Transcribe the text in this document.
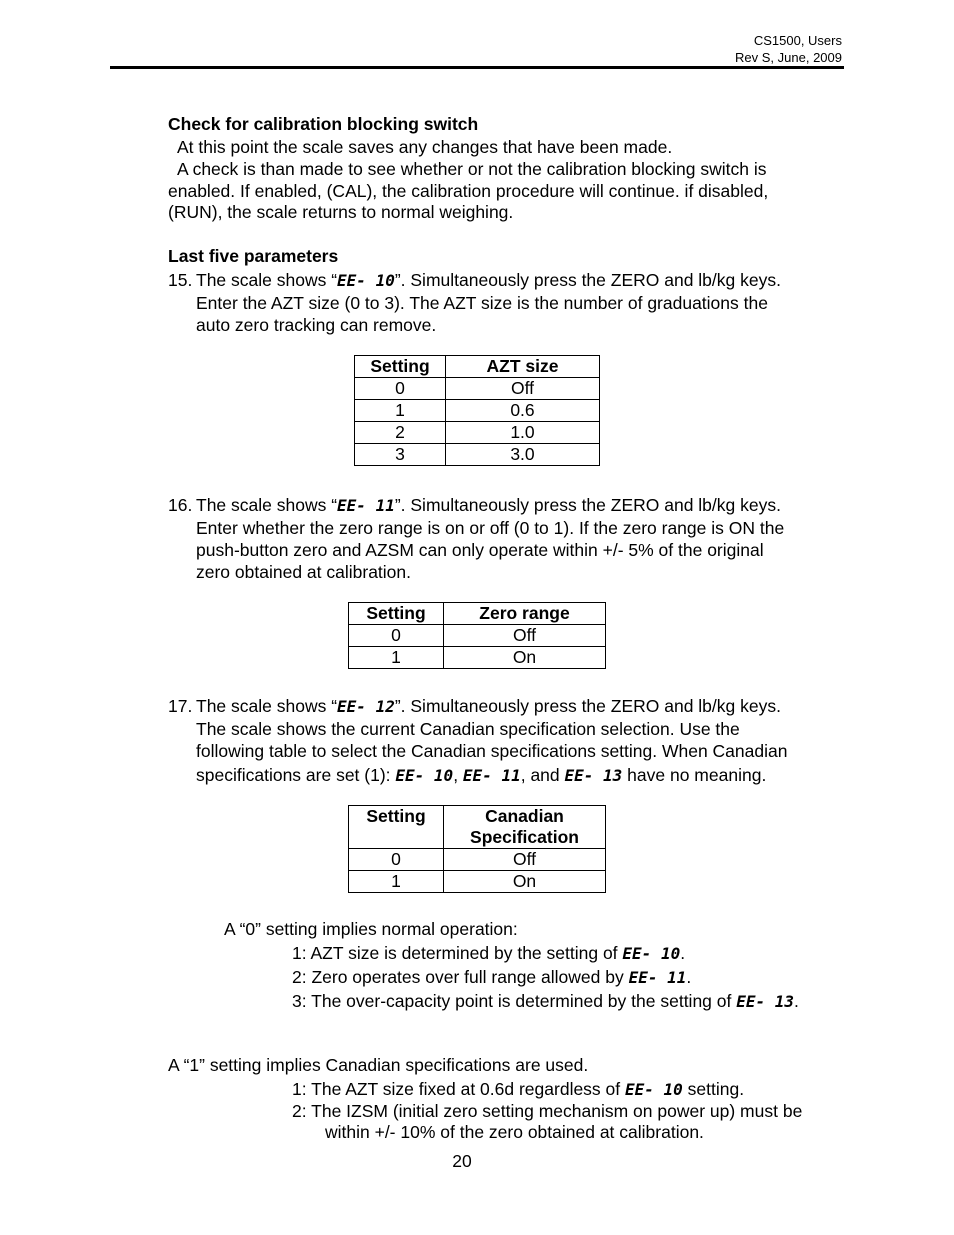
CS1500, Users
Rev S, June, 2009
Check for calibration blocking switch
At this point the scale saves any changes that have been made.
A check is than made to see whether or not the calibration blocking switch is
enabled. If enabled, (CAL), the calibration procedure will continue. if disabled,
(RUN), the scale returns to normal weighing.
Last five parameters
15. The scale shows “EE- 10”. Simultaneously press the ZERO and lb/kg keys.
Enter the AZT size (0 to 3). The AZT size is the number of graduations the
auto zero tracking can remove.
Setting	AZT size
0	Off
1	0.6
2	1.0
3	3.0
16. The scale shows “EE- 11”. Simultaneously press the ZERO and lb/kg keys.
Enter whether the zero range is on or off (0 to 1). If the zero range is ON the
push-button zero and AZSM can only operate within +/- 5% of the original
zero obtained at calibration.
Setting	Zero range
0	Off
1	On
17. The scale shows “EE- 12”. Simultaneously press the ZERO and lb/kg keys.
The scale shows the current Canadian specification selection. Use the
following table to select the Canadian specifications setting. When Canadian
specifications are set (1): EE- 10, EE- 11, and EE- 13 have no meaning.
Setting	Canadian
Specification

0	Off
1	On
A “0” setting implies normal operation:
1: AZT size is determined by the setting of EE- 10.
2: Zero operates over full range allowed by EE- 11.
3: The over-capacity point is determined by the setting of EE- 13.
A “1” setting implies Canadian specifications are used.
1: The AZT size fixed at 0.6d regardless of EE- 10 setting.
2: The IZSM (initial zero setting mechanism on power up) must be
within +/- 10% of the zero obtained at calibration.
20
